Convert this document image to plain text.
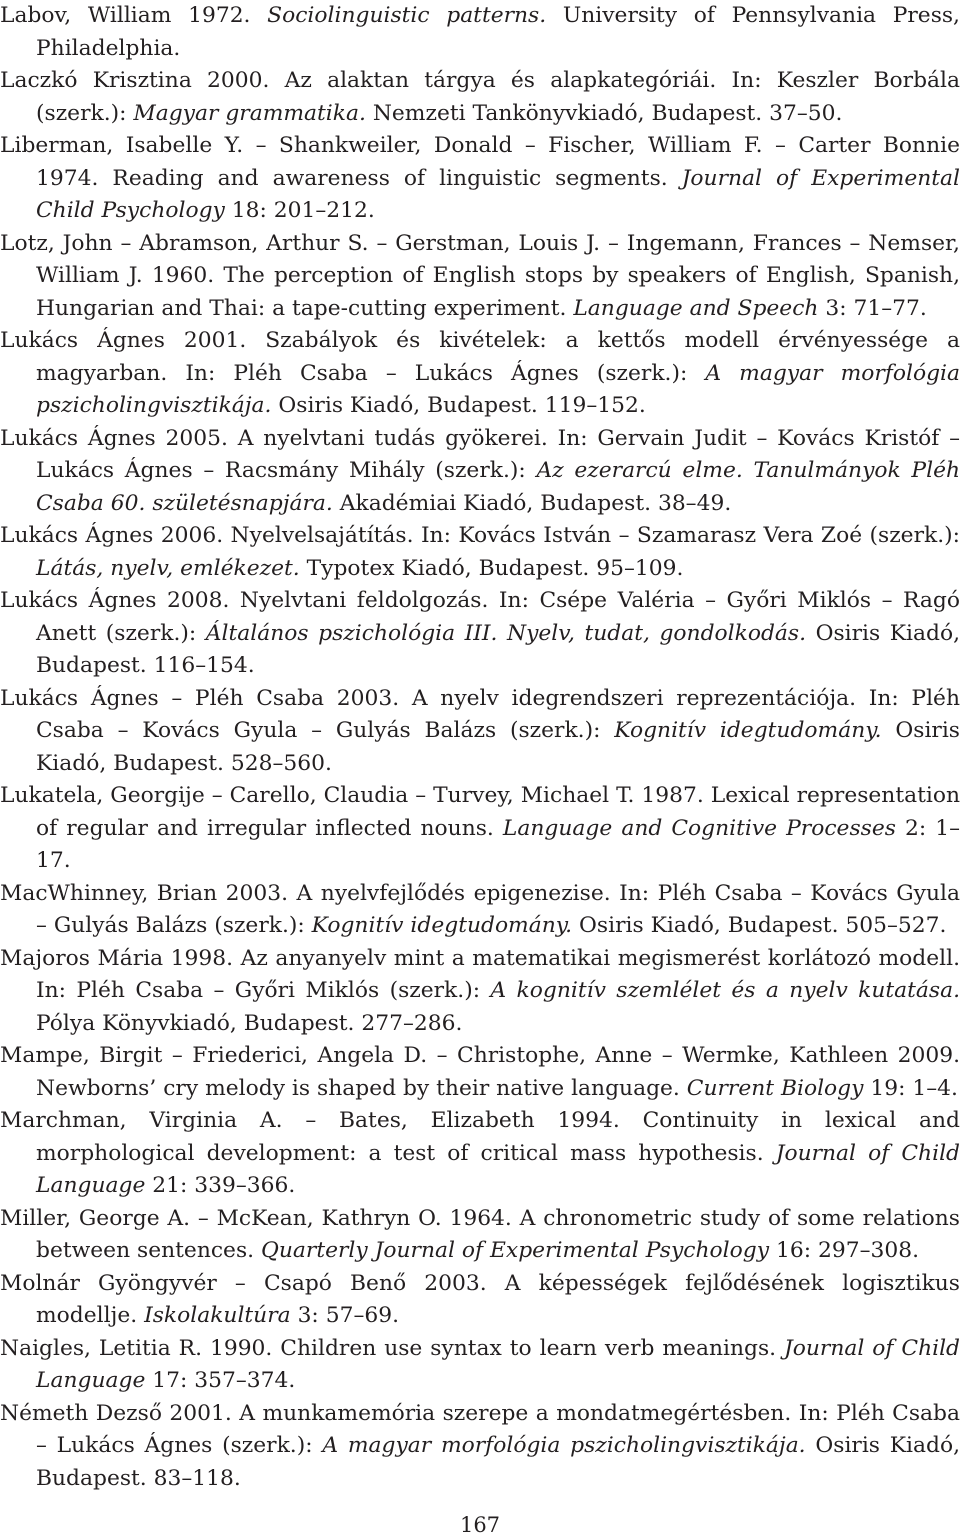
Labov, William 1972. Sociolinguistic patterns. University of Pennsylvania Press, Philadelphia.
Laczkó Krisztina 2000. Az alaktan tárgya és alapkategóriái. In: Keszler Borbála (szerk.): Magyar grammatika. Nemzeti Tankönyvkiadó, Budapest. 37–50.
Liberman, Isabelle Y. – Shankweiler, Donald – Fischer, William F. – Carter Bonnie 1974. Reading and awareness of linguistic segments. Journal of Experimental Child Psychology 18: 201–212.
Lotz, John – Abramson, Arthur S. – Gerstman, Louis J. – Ingemann, Frances – Nemser, William J. 1960. The perception of English stops by speakers of English, Spanish, Hungarian and Thai: a tape-cutting experiment. Language and Speech 3: 71–77.
Lukács Ágnes 2001. Szabályok és kivételek: a kettős modell érvényessége a magyarban. In: Pléh Csaba – Lukács Ágnes (szerk.): A magyar morfológia pszicholingvisztikája. Osiris Kiadó, Budapest. 119–152.
Lukács Ágnes 2005. A nyelvtani tudás gyökerei. In: Gervain Judit – Kovács Kristóf – Lukács Ágnes – Racsmány Mihály (szerk.): Az ezerarcú elme. Tanulmányok Pléh Csaba 60. születésnapjára. Akadémiai Kiadó, Budapest. 38–49.
Lukács Ágnes 2006. Nyelvelsajátítás. In: Kovács István – Szamarasz Vera Zoé (szerk.): Látás, nyelv, emlékezet. Typotex Kiadó, Budapest. 95–109.
Lukács Ágnes 2008. Nyelvtani feldolgozás. In: Csépe Valéria – Győri Miklós – Ragó Anett (szerk.): Általános pszichológia III. Nyelv, tudat, gondolkodás. Osiris Kiadó, Budapest. 116–154.
Lukács Ágnes – Pléh Csaba 2003. A nyelv idegrendszeri reprezentációja. In: Pléh Csaba – Kovács Gyula – Gulyás Balázs (szerk.): Kognitív idegtudomány. Osiris Kiadó, Budapest. 528–560.
Lukatela, Georgije – Carello, Claudia – Turvey, Michael T. 1987. Lexical representation of regular and irregular inflected nouns. Language and Cognitive Processes 2: 1–17.
MacWhinney, Brian 2003. A nyelvfejlődés epigenezise. In: Pléh Csaba – Kovács Gyula – Gulyás Balázs (szerk.): Kognitív idegtudomány. Osiris Kiadó, Budapest. 505–527.
Majoros Mária 1998. Az anyanyelv mint a matematikai megismerést korlátozó modell. In: Pléh Csaba – Győri Miklós (szerk.): A kognitív szemlélet és a nyelv kutatása. Pólya Könyvkiadó, Budapest. 277–286.
Mampe, Birgit – Friederici, Angela D. – Christophe, Anne – Wermke, Kathleen 2009. Newborns’ cry melody is shaped by their native language. Current Biology 19: 1–4.
Marchman, Virginia A. – Bates, Elizabeth 1994. Continuity in lexical and morphological development: a test of critical mass hypothesis. Journal of Child Language 21: 339–366.
Miller, George A. – McKean, Kathryn O. 1964. A chronometric study of some relations between sentences. Quarterly Journal of Experimental Psychology 16: 297–308.
Molnár Gyöngyvér – Csapó Benő 2003. A képességek fejlődésének logisztikus modellje. Iskolakultúra 3: 57–69.
Naigles, Letitia R. 1990. Children use syntax to learn verb meanings. Journal of Child Language 17: 357–374.
Németh Dezső 2001. A munkamemória szerepe a mondatmegértésben. In: Pléh Csaba – Lukács Ágnes (szerk.): A magyar morfológia pszicholingvisztikája. Osiris Kiadó, Budapest. 83–118.
167
